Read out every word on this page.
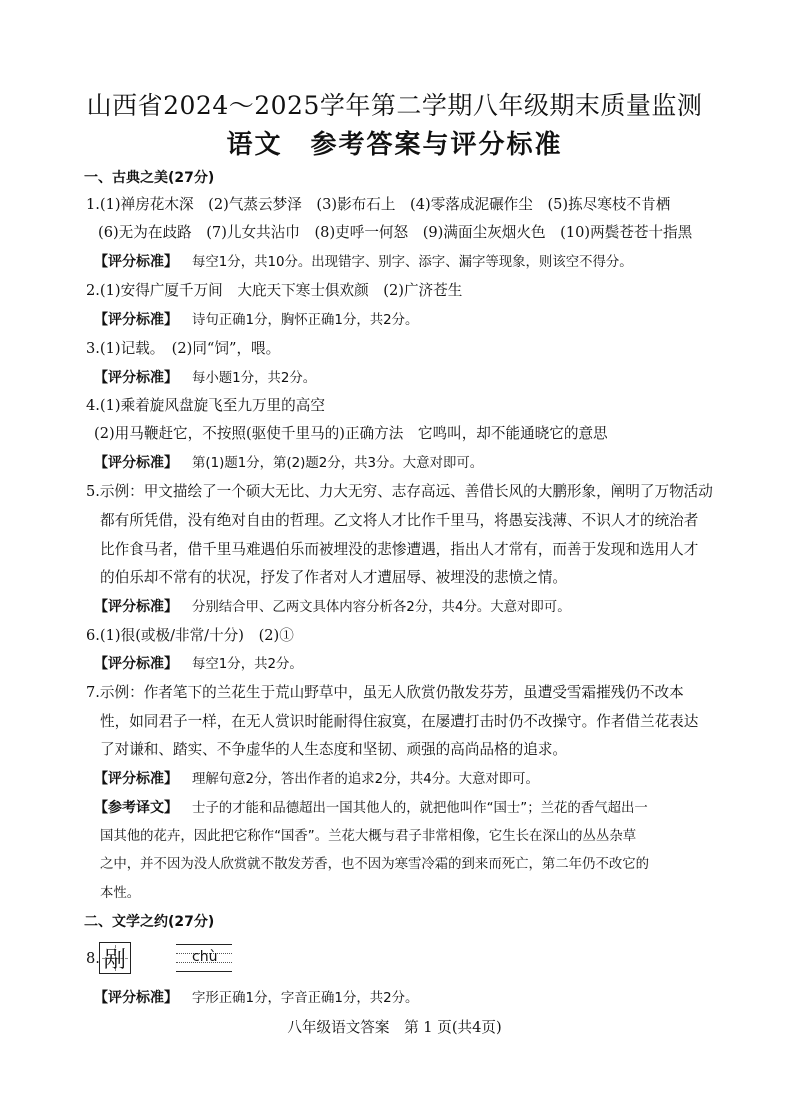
山西省2024～2025学年第二学期八年级期末质量监测
语文　参考答案与评分标准
一、古典之美(27分)
1.(1)禅房花木深　(2)气蒸云梦泽　(3)影布石上　(4)零落成泥碾作尘　(5)拣尽寒枝不肯栖
(6)无为在歧路　(7)儿女共沾巾　(8)吏呼一何怒　(9)满面尘灰烟火色　(10)两鬓苍苍十指黑
【评分标准】 每空1分，共10分。出现错字、别字、添字、漏字等现象，则该空不得分。
2.(1)安得广厦千万间　大庇天下寒士俱欢颜　(2)广济苍生
【评分标准】 诗句正确1分，胸怀正确1分，共2分。
3.(1)记载。　(2)同“饲”，喂。
【评分标准】 每小题1分，共2分。
4.(1)乘着旋风盘旋飞至九万里的高空
(2)用马鞭赶它，不按照(驱使千里马的)正确方法　它鸣叫，却不能通晓它的意思
【评分标准】 第(1)题1分，第(2)题2分，共3分。大意对即可。
5.示例：甲文描绘了一个硕大无比、力大无穷、志存高远、善借长风的大鹏形象，阐明了万物活动
都有所凭借，没有绝对自由的哲理。乙文将人才比作千里马，将愚妄浅薄、不识人才的统治者
比作食马者，借千里马难遇伯乐而被埋没的悲惨遭遇，指出人才常有，而善于发现和选用人才
的伯乐却不常有的状况，抒发了作者对人才遭屈辱、被埋没的悲愤之情。
【评分标准】 分别结合甲、乙两文具体内容分析各2分，共4分。大意对即可。
6.(1)很(或极/非常/十分)　(2)①
【评分标准】 每空1分，共2分。
7.示例：作者笔下的兰花生于荒山野草中，虽无人欣赏仍散发芬芳，虽遭受雪霜摧残仍不改本
性，如同君子一样，在无人赏识时能耐得住寂寞，在屡遭打击时仍不改操守。作者借兰花表达
了对谦和、踏实、不争虚华的人生态度和坚韧、顽强的高尚品格的追求。
【评分标准】 理解句意2分，答出作者的追求2分，共4分。大意对即可。
【参考译文】 士子的才能和品德超出一国其他人的，就把他叫作“国士”；兰花的香气超出一
国其他的花卉，因此把它称作“国香”。兰花大概与君子非常相像，它生长在深山的丛丛杂草
之中，并不因为没人欣赏就不散发芳香，也不因为寒雪冷霜的到来而死亡，第二年仍不改它的
本性。
二、文学之约(27分)
8. 剐	chù
【评分标准】 字形正确1分，字音正确1分，共2分。
八年级语文答案　第 1 页(共4页)
